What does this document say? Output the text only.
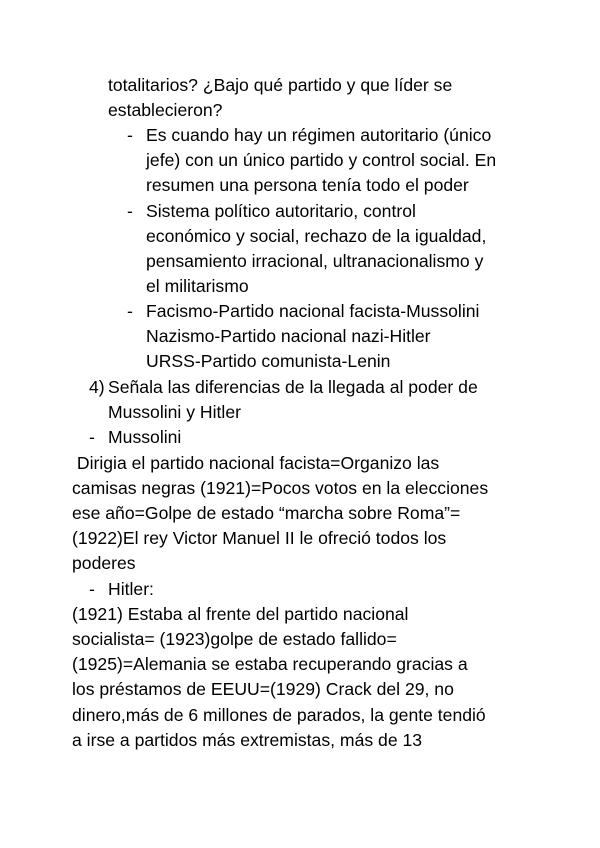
totalitarios? ¿Bajo qué partido y que líder se
establecieron?
- Es cuando hay un régimen autoritario (único
jefe) con un único partido y control social. En
resumen una persona tenía todo el poder
- Sistema político autoritario, control
económico y social, rechazo de la igualdad,
pensamiento irracional, ultranacionalismo y
el militarismo
- Facismo-Partido nacional facista-Mussolini
Nazismo-Partido nacional nazi-Hitler
URSS-Partido comunista-Lenin
4) Señala las diferencias de la llegada al poder de
Mussolini y Hitler
- Mussolini
Dirigia el partido nacional facista=Organizo las
camisas negras (1921)=Pocos votos en la elecciones
ese año=Golpe de estado “marcha sobre Roma”=
(1922)El rey Victor Manuel II le ofreció todos los
poderes
- Hitler:
(1921) Estaba al frente del partido nacional
socialista= (1923)golpe de estado fallido=
(1925)=Alemania se estaba recuperando gracias a
los préstamos de EEUU=(1929) Crack del 29, no
dinero,más de 6 millones de parados, la gente tendió
a irse a partidos más extremistas, más de 13
